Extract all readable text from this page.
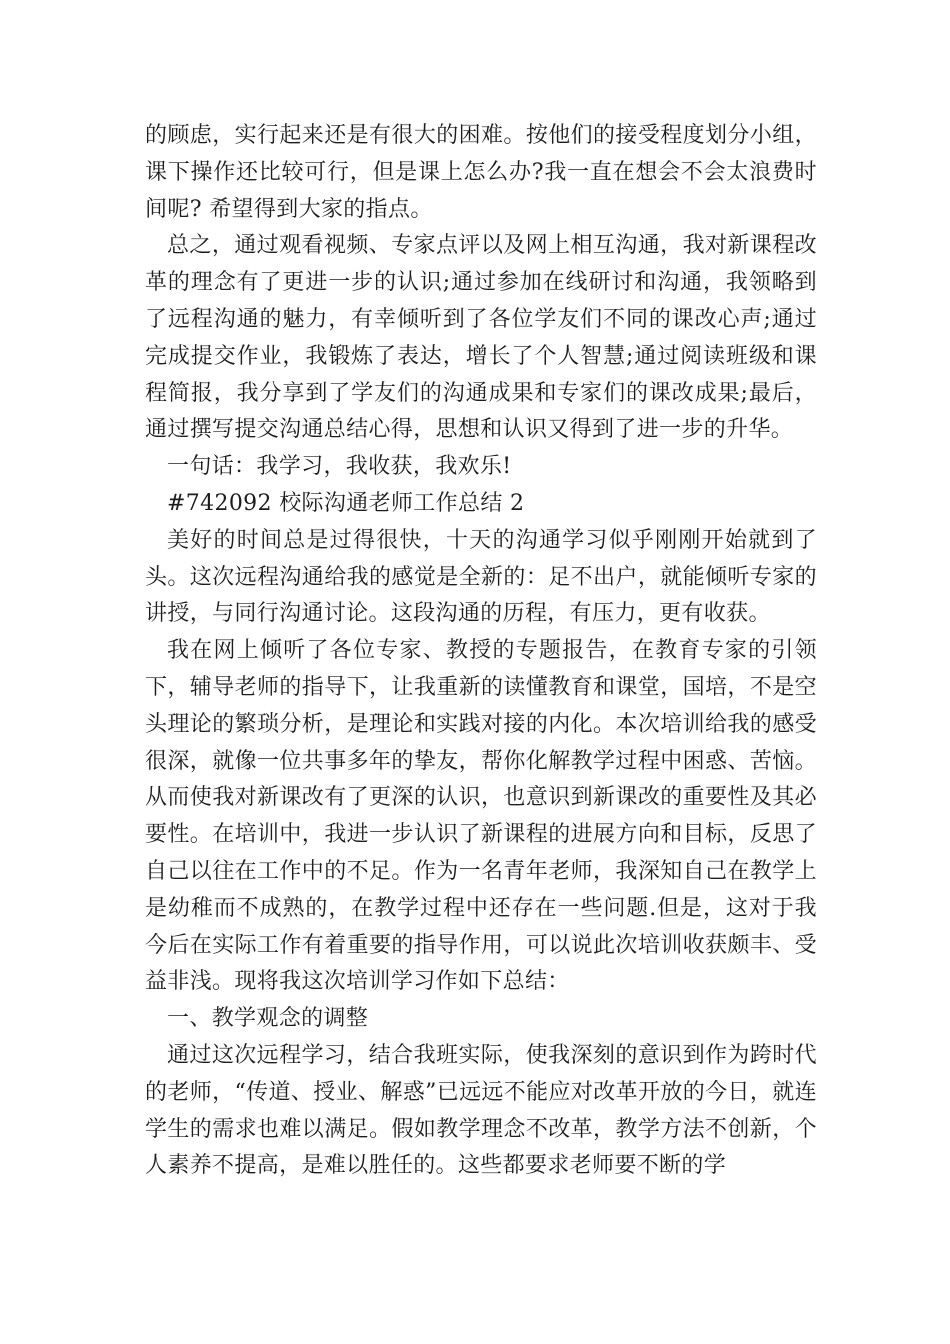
的顾虑，实行起来还是有很大的困难。按他们的接受程度划分小组，课下操作还比较可行，但是课上怎么办?我一直在想会不会太浪费时间呢? 希望得到大家的指点。

总之，通过观看视频、专家点评以及网上相互沟通，我对新课程改革的理念有了更进一步的认识;通过参加在线研讨和沟通，我领略到了远程沟通的魅力，有幸倾听到了各位学友们不同的课改心声;通过完成提交作业，我锻炼了表达，增长了个人智慧;通过阅读班级和课程简报，我分享到了学友们的沟通成果和专家们的课改成果;最后，通过撰写提交沟通总结心得，思想和认识又得到了进一步的升华。

一句话：我学习，我收获，我欢乐!

#742092 校际沟通老师工作总结 2

美好的时间总是过得很快，十天的沟通学习似乎刚刚开始就到了头。这次远程沟通给我的感觉是全新的：足不出户，就能倾听专家的讲授，与同行沟通讨论。这段沟通的历程，有压力，更有收获。

我在网上倾听了各位专家、教授的专题报告，在教育专家的引领下，辅导老师的指导下，让我重新的读懂教育和课堂，国培，不是空头理论的繁琐分析，是理论和实践对接的内化。本次培训给我的感受很深，就像一位共事多年的挚友，帮你化解教学过程中困惑、苦恼。从而使我对新课改有了更深的认识，也意识到新课改的重要性及其必要性。在培训中，我进一步认识了新课程的进展方向和目标，反思了自己以往在工作中的不足。作为一名青年老师，我深知自己在教学上是幼稚而不成熟的，在教学过程中还存在一些问题.但是，这对于我今后在实际工作有着重要的指导作用，可以说此次培训收获颇丰、受益非浅。现将我这次培训学习作如下总结：

一、教学观念的调整

通过这次远程学习，结合我班实际，使我深刻的意识到作为跨时代的老师，“传道、授业、解惑”已远远不能应对改革开放的今日，就连学生的需求也难以满足。假如教学理念不改革，教学方法不创新，个人素养不提高，是难以胜任的。这些都要求老师要不断的学
